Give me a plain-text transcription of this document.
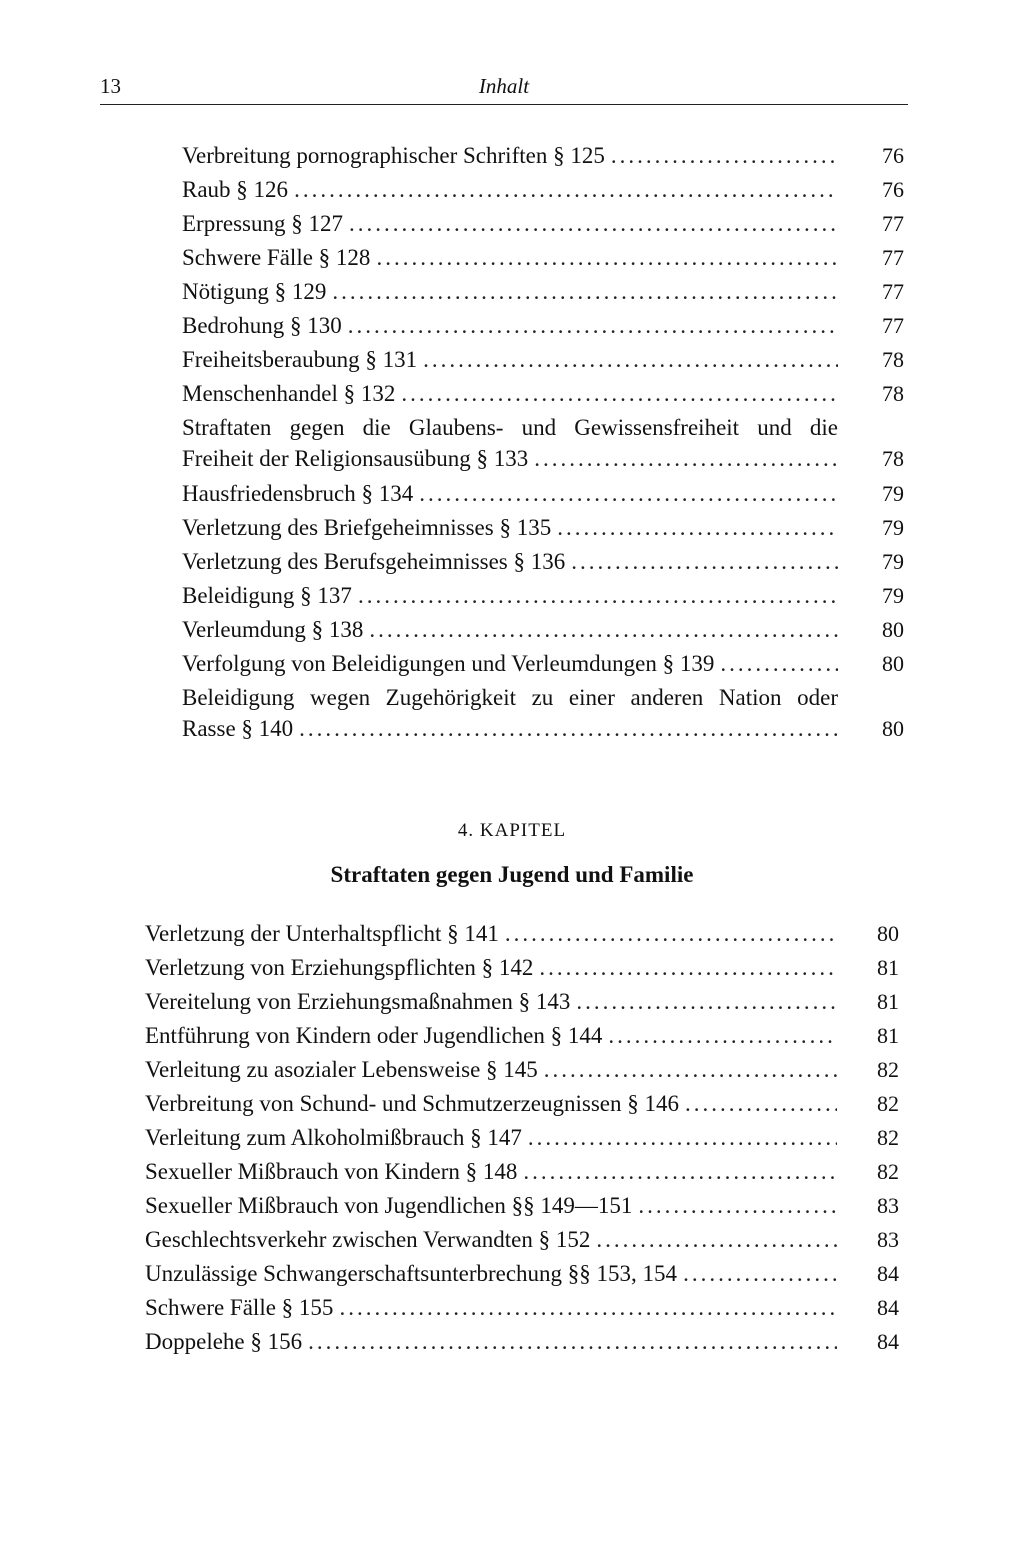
13	Inhalt
Verbreitung pornographischer Schriften § 125 .....	76
Raub § 126 .....	76
Erpressung § 127 .....	77
Schwere Fälle § 128 .....	77
Nötigung § 129 .....	77
Bedrohung § 130 .....	77
Freiheitsberaubung § 131 .....	78
Menschenhandel § 132 .....	78
Straftaten gegen die Glaubens- und Gewissensfreiheit und die
Freiheit der Religionsausübung § 133 .....	78
Hausfriedensbruch § 134 .....	79
Verletzung des Briefgeheimnisses § 135 .....	79
Verletzung des Berufsgeheimnisses § 136 .....	79
Beleidigung § 137 .....	79
Verleumdung § 138 .....	80
Verfolgung von Beleidigungen und Verleumdungen § 139 .....	80
Beleidigung wegen Zugehörigkeit zu einer anderen Nation oder
Rasse § 140 .....	80
4. KAPITEL
Straftaten gegen Jugend und Familie
Verletzung der Unterhaltspflicht § 141 .....	80
Verletzung von Erziehungspflichten § 142 .....	81
Vereitelung von Erziehungsmaßnahmen § 143 .....	81
Entführung von Kindern oder Jugendlichen § 144 .....	81
Verleitung zu asozialer Lebensweise § 145 .....	82
Verbreitung von Schund- und Schmutzerzeugnissen § 146 .....	82
Verleitung zum Alkoholmißbrauch § 147 .....	82
Sexueller Mißbrauch von Kindern § 148 .....	82
Sexueller Mißbrauch von Jugendlichen §§ 149—151 .....	83
Geschlechtsverkehr zwischen Verwandten § 152 .....	83
Unzulässige Schwangerschaftsunterbrechung §§ 153, 154 .....	84
Schwere Fälle § 155 .....	84
Doppelehe § 156 .....	84
